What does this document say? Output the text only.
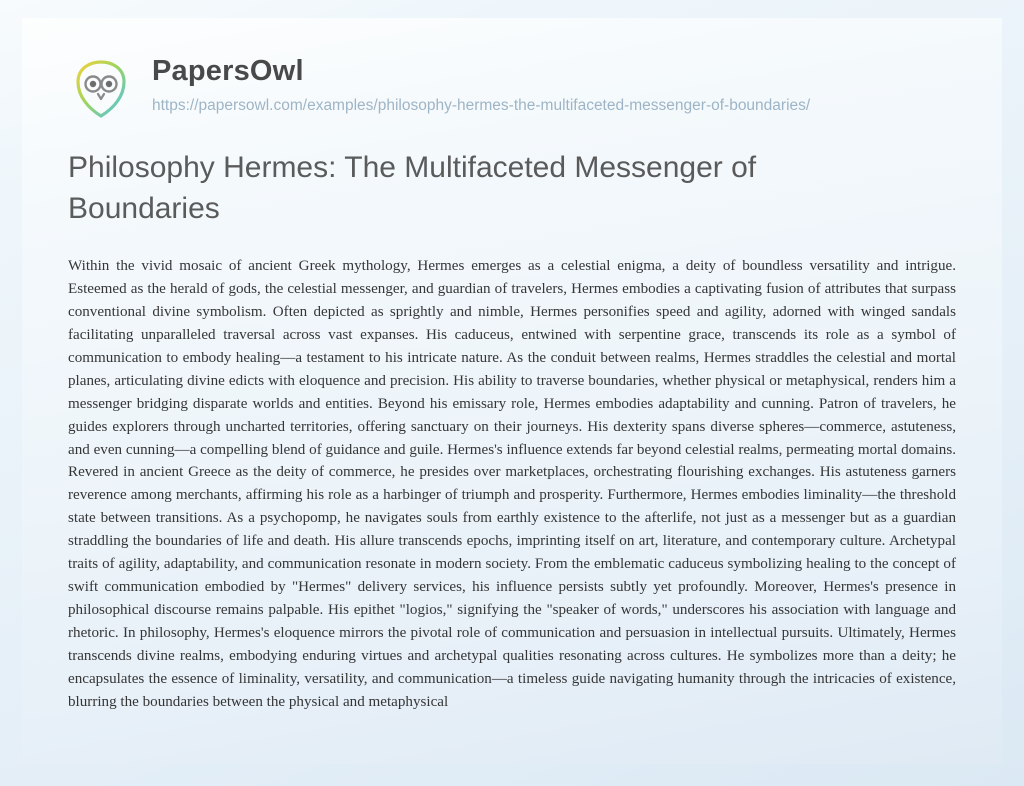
PapersOwl
https://papersowl.com/examples/philosophy-hermes-the-multifaceted-messenger-of-boundaries/
Philosophy Hermes: The Multifaceted Messenger of Boundaries

Within the vivid mosaic of ancient Greek mythology, Hermes emerges as a celestial enigma, a deity of boundless versatility and intrigue. Esteemed as the herald of gods, the celestial messenger, and guardian of travelers, Hermes embodies a captivating fusion of attributes that surpass conventional divine symbolism. Often depicted as sprightly and nimble, Hermes personifies speed and agility, adorned with winged sandals facilitating unparalleled traversal across vast expanses. His caduceus, entwined with serpentine grace, transcends its role as a symbol of communication to embody healing—a testament to his intricate nature. As the conduit between realms, Hermes straddles the celestial and mortal planes, articulating divine edicts with eloquence and precision. His ability to traverse boundaries, whether physical or metaphysical, renders him a messenger bridging disparate worlds and entities. Beyond his emissary role, Hermes embodies adaptability and cunning. Patron of travelers, he guides explorers through uncharted territories, offering sanctuary on their journeys. His dexterity spans diverse spheres—commerce, astuteness, and even cunning—a compelling blend of guidance and guile. Hermes's influence extends far beyond celestial realms, permeating mortal domains. Revered in ancient Greece as the deity of commerce, he presides over marketplaces, orchestrating flourishing exchanges. His astuteness garners reverence among merchants, affirming his role as a harbinger of triumph and prosperity. Furthermore, Hermes embodies liminality—the threshold state between transitions. As a psychopomp, he navigates souls from earthly existence to the afterlife, not just as a messenger but as a guardian straddling the boundaries of life and death. His allure transcends epochs, imprinting itself on art, literature, and contemporary culture. Archetypal traits of agility, adaptability, and communication resonate in modern society. From the emblematic caduceus symbolizing healing to the concept of swift communication embodied by "Hermes" delivery services, his influence persists subtly yet profoundly. Moreover, Hermes's presence in philosophical discourse remains palpable. His epithet "logios," signifying the "speaker of words," underscores his association with language and rhetoric. In philosophy, Hermes's eloquence mirrors the pivotal role of communication and persuasion in intellectual pursuits. Ultimately, Hermes transcends divine realms, embodying enduring virtues and archetypal qualities resonating across cultures. He symbolizes more than a deity; he encapsulates the essence of liminality, versatility, and communication—a timeless guide navigating humanity through the intricacies of existence, blurring the boundaries between the physical and metaphysical
